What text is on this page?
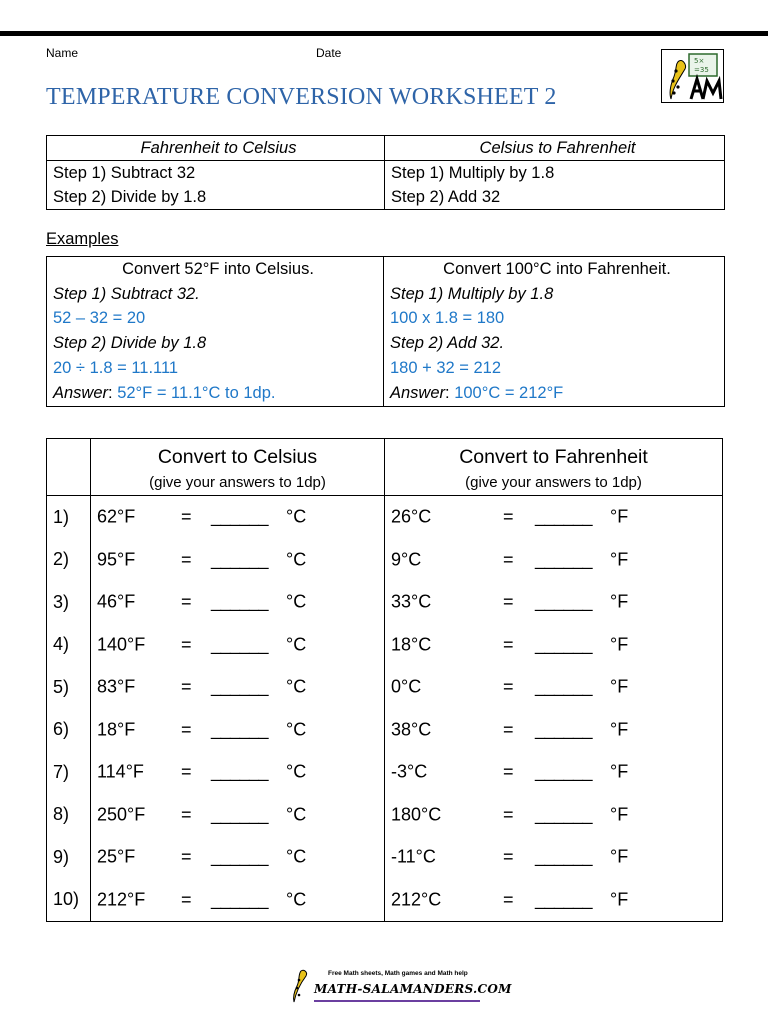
Name	Date
TEMPERATURE CONVERSION WORKSHEET 2
5×
=35
Fahrenheit to Celsius	Celsius to Fahrenheit
Step 1) Subtract 32	Step 1) Multiply by 1.8
Step 2) Divide by 1.8	Step 2) Add 32
Examples
Convert 52°F into Celsius.	Convert 100°C into Fahrenheit.
Step 1) Subtract 32.	Step 1) Multiply by 1.8
52 – 32 = 20	100 x 1.8 = 180
Step 2) Divide by 1.8	Step 2) Add 32.
20 ÷ 1.8 = 11.111	180 + 32 = 212
Answer: 52°F = 11.1°C to 1dp.	Answer: 100°C = 212°F
	Convert to Celsius	Convert to Fahrenheit
	(give your answers to 1dp)	(give your answers to 1dp)
1)	62°F = ______ °C	26°C = ______ °F

2)	95°F = ______ °C	9°C = ______ °F

3)	46°F = ______ °C	33°C = ______ °F

4)	140°F = ______ °C	18°C = ______ °F

5)	83°F = ______ °C	0°C = ______ °F

6)	18°F = ______ °C	38°C = ______ °F

7)	114°F = ______ °C	-3°C = ______ °F

8)	250°F = ______ °C	180°C = ______ °F

9)	25°F = ______ °C	-11°C = ______ °F

10)	212°F = ______ °C	212°C = ______ °F
Free Math sheets, Math games and Math help
MATH-SALAMANDERS.COM
